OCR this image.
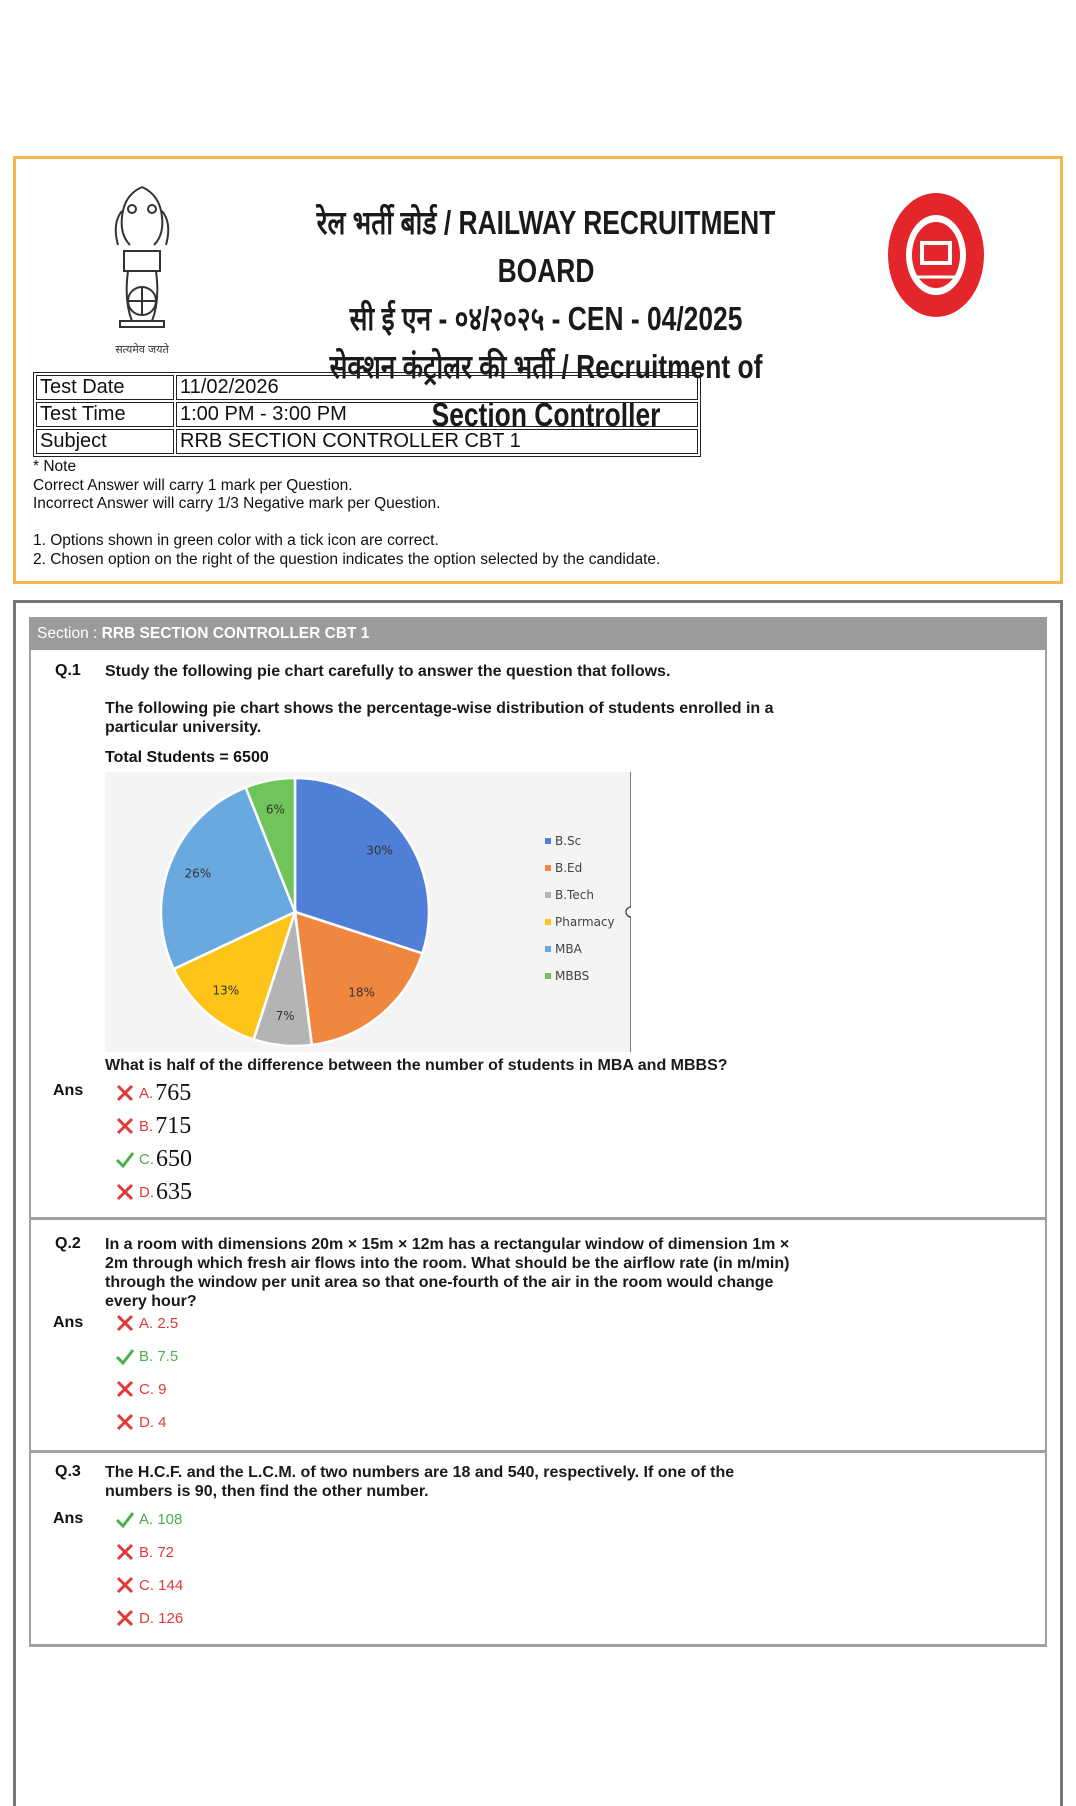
सत्यमेव जयते
रेल भर्ती बोर्ड / RAILWAY RECRUITMENT BOARD
सी ई एन - ०४/२०२५ - CEN - 04/2025
सेक्शन कंट्रोलर की भर्ती / Recruitment of Section Controller
Test Date	11/02/2026
Test Time	1:00 PM - 3:00 PM
Subject	RRB SECTION CONTROLLER CBT 1
* Note
Correct Answer will carry 1 mark per Question.
Incorrect Answer will carry 1/3 Negative mark per Question.
1. Options shown in green color with a tick icon are correct.
2. Chosen option on the right of the question indicates the option selected by the candidate.
Section : RRB SECTION CONTROLLER CBT 1
Q.1 Study the following pie chart carefully to answer the question that follows.
The following pie chart shows the percentage-wise distribution of students enrolled in a particular university.
Total Students = 6500
30%
18%
7%
13%
26%
6%
B.Sc
B.Ed
B.Tech
Pharmacy
MBA
MBBS
What is half of the difference between the number of students in MBA and MBBS?
Ans	A. 765
B. 715
C. 650
D. 635
Q.2 In a room with dimensions 20m × 15m × 12m has a rectangular window of dimension 1m × 2m through which fresh air flows into the room. What should be the airflow rate (in m/min) through the window per unit area so that one-fourth of the air in the room would change every hour?
Ans	A. 2.5
B. 7.5
C. 9
D. 4
Q.3 The H.C.F. and the L.C.M. of two numbers are 18 and 540, respectively. If one of the numbers is 90, then find the other number.
Ans	A. 108
B. 72
C. 144
D. 126
